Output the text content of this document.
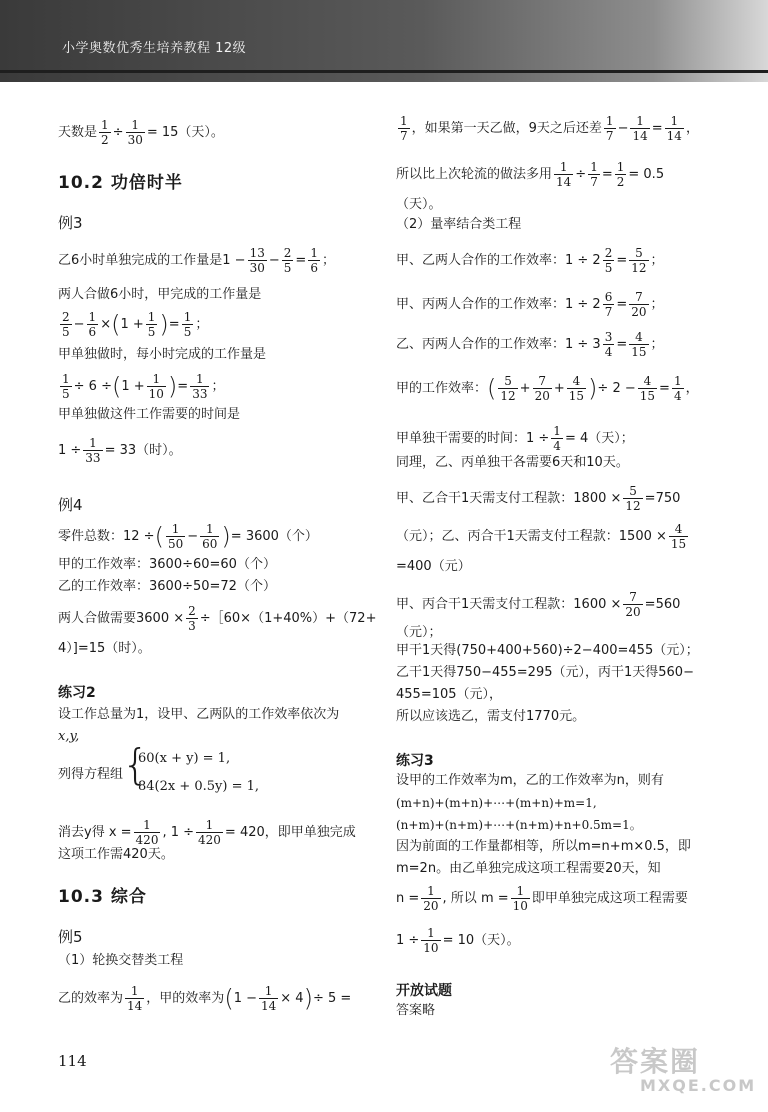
小学奥数优秀生培养教程 12级
天数是 $\frac{1}{2} \div \frac{1}{30} = 15$（天）。
10.2 功倍时半
例3
乙6小时单独完成的工作量是$1 - \frac{13}{30} - \frac{2}{5} = \frac{1}{6}$ ；
两人合做6小时，甲完成的工作量是
$\frac{2}{5} - \frac{1}{6} \times(1 + \frac{1}{5}$ )= $\frac{1}{5}$ ；
甲单独做时，每小时完成的工作量是
$\frac{1}{5} \div 6 \div(1 + \frac{1}{10}$ )= $\frac{1}{33}$ ；
甲单独做这件工作需要的时间是
$1 \div \frac{1}{33} = 33$（时）。
例4
零件总数：12 ÷( $\frac{1}{50} - \frac{1}{60}$ )= 3600（个）
甲的工作效率：3600÷60=60（个）
乙的工作效率：3600÷50=72（个）
两人合做需要$3600 \times \frac{2}{3}$ ÷［60×（1+40%）+（72+
4）]=15（时）。
练习2
设工作总量为1，设甲、乙两队的工作效率依次为
x,y,
列得方程组
{
60(x + y) = 1,
84(2x + 0.5y) = 1,
消去y得 $x = \frac{1}{420}$ , $1 \div \frac{1}{420} = 420$，即甲单独完成
这项工作需420天。
10.3 综合
例5
（1）轮换交替类工程
乙的效率为 $\frac{1}{14}$ ，甲的效率为$(1 - \frac{1}{14} \times 4)\div 5$ =
$\frac{1}{7}$ ，如果第一天乙做，9天之后还差 $\frac{1}{7} - \frac{1}{14} = \frac{1}{14}$ ，
所以比上次轮流的做法多用 $\frac{1}{14} \div \frac{1}{7} = \frac{1}{2} = 0.5$
（天）。
（2）量率结合类工程
甲、乙两人合作的工作效率：$1 \div 2 \frac{2}{5} = \frac{5}{12}$ ；
甲、丙两人合作的工作效率：$1 \div 2 \frac{6}{7} = \frac{7}{20}$ ；
乙、丙两人合作的工作效率：$1 \div 3 \frac{3}{4} = \frac{4}{15}$ ；
甲的工作效率：( $\frac{5}{12} + \frac{7}{20} + \frac{4}{15}$ )÷ $2 - \frac{4}{15} = \frac{1}{4}$ ，
甲单独干需要的时间：$1 \div \frac{1}{4} = 4$（天）；
同理，乙、丙单独干各需要6天和10天。
甲、乙合干1天需支付工程款：$1800 \times \frac{5}{12} =750$
（元）；乙、丙合干1天需支付工程款：$1500 \times \frac{4}{15}$
=400（元）
甲、丙合干1天需支付工程款：$1600 \times \frac{7}{20} =560$
（元）；
甲干1天得(750+400+560)÷2−400=455（元）；
乙干1天得750−455=295（元），丙干1天得560−
455=105（元），
所以应该选乙，需支付1770元。
练习3
设甲的工作效率为m，乙的工作效率为n，则有
(m+n)+(m+n)+⋯+(m+n)+m=1,
(n+m)+(n+m)+⋯+(n+m)+n+0.5m=1。
因为前面的工作量都相等，所以m=n+m×0.5，即
m=2n。由乙单独完成这项工程需要20天，知
$n = \frac{1}{20}$ , 所以 $m = \frac{1}{10}$ 即甲单独完成这项工程需要
$1 \div \frac{1}{10} = 10$（天）。
开放试题
答案略
114	答案圈
MXQE.COM
